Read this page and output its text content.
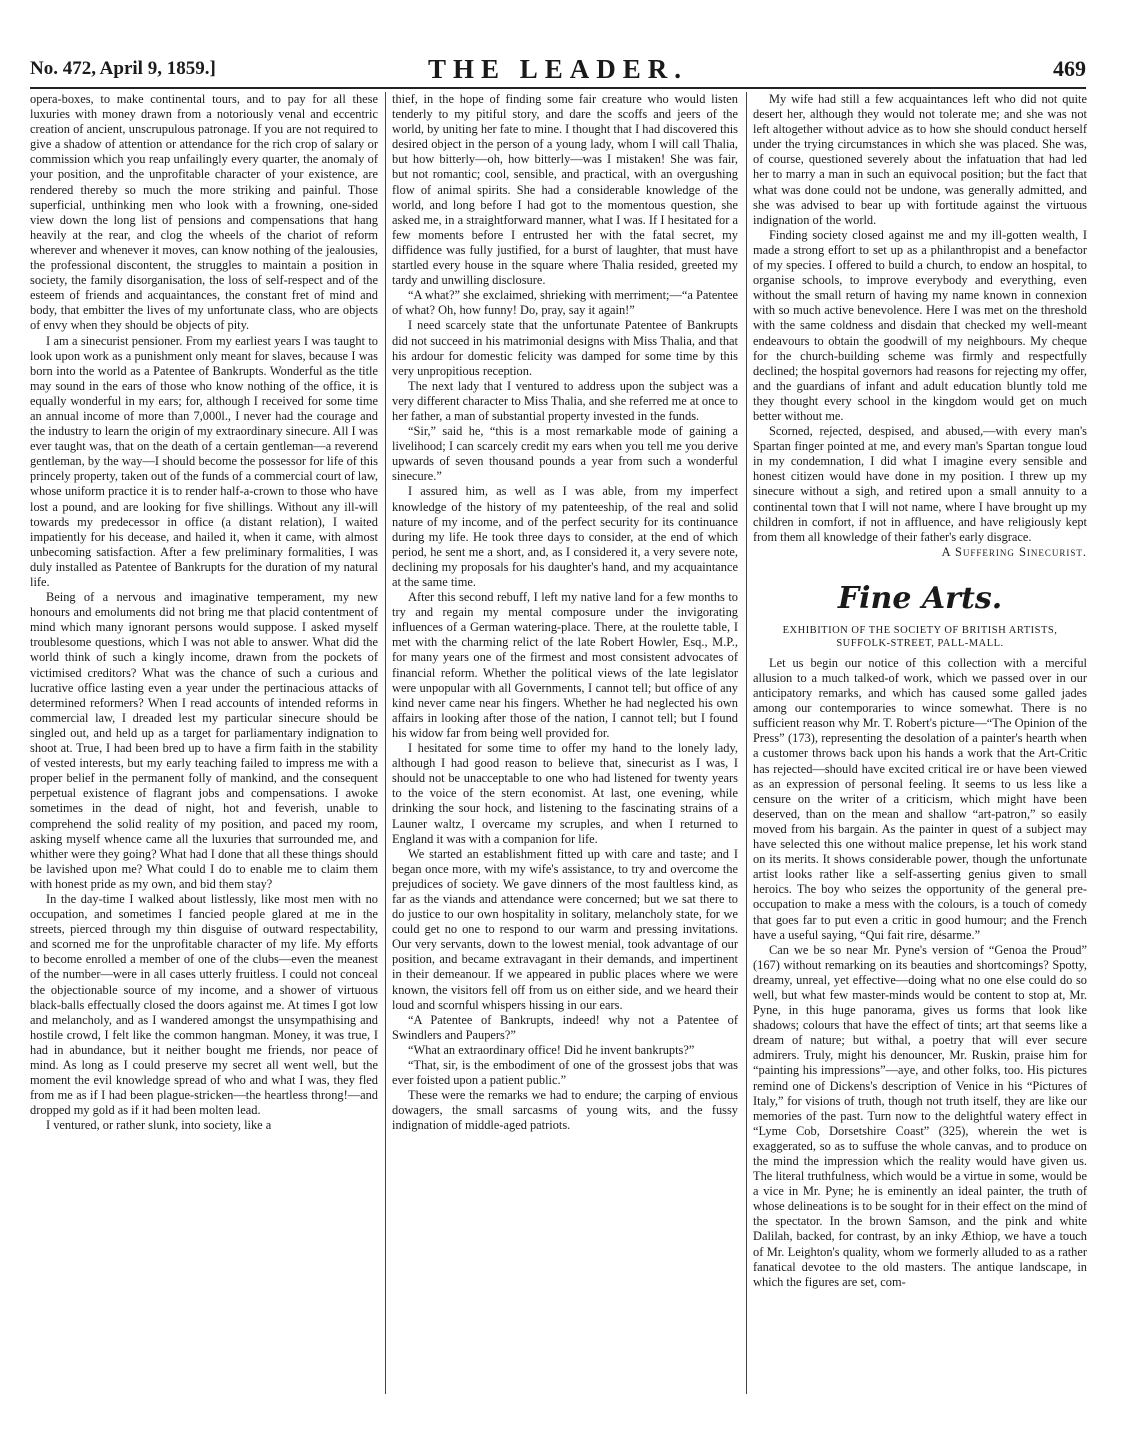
No. 472, April 9, 1859.]	THE LEADER.	469

opera-boxes, to make continental tours, and to pay for all these luxuries with money drawn from a notoriously venal and eccentric creation of ancient, unscrupulous patronage. If you are not required to give a shadow of attention or attendance for the rich crop of salary or commission which you reap unfailingly every quarter, the anomaly of your position, and the unprofitable character of your existence, are rendered thereby so much the more striking and painful. Those superficial, unthinking men who look with a frowning, one-sided view down the long list of pensions and compensations that hang heavily at the rear, and clog the wheels of the chariot of reform wherever and whenever it moves, can know nothing of the jealousies, the professional discontent, the struggles to maintain a position in society, the family disorganisation, the loss of self-respect and of the esteem of friends and acquaintances, the constant fret of mind and body, that embitter the lives of my unfortunate class, who are objects of envy when they should be objects of pity.

I am a sinecurist pensioner. From my earliest years I was taught to look upon work as a punishment only meant for slaves, because I was born into the world as a Patentee of Bankrupts. Wonderful as the title may sound in the ears of those who know nothing of the office, it is equally wonderful in my ears; for, although I received for some time an annual income of more than 7,000l., I never had the courage and the industry to learn the origin of my extraordinary sinecure. All I was ever taught was, that on the death of a certain gentleman—a reverend gentleman, by the way—I should become the possessor for life of this princely property, taken out of the funds of a commercial court of law, whose uniform practice it is to render half-a-crown to those who have lost a pound, and are looking for five shillings. Without any ill-will towards my predecessor in office (a distant relation), I waited impatiently for his decease, and hailed it, when it came, with almost unbecoming satisfaction. After a few preliminary formalities, I was duly installed as Patentee of Bankrupts for the duration of my natural life.

Being of a nervous and imaginative temperament, my new honours and emoluments did not bring me that placid contentment of mind which many ignorant persons would suppose. I asked myself troublesome questions, which I was not able to answer. What did the world think of such a kingly income, drawn from the pockets of victimised creditors? What was the chance of such a curious and lucrative office lasting even a year under the pertinacious attacks of determined reformers? When I read accounts of intended reforms in commercial law, I dreaded lest my particular sinecure should be singled out, and held up as a target for parliamentary indignation to shoot at. True, I had been bred up to have a firm faith in the stability of vested interests, but my early teaching failed to impress me with a proper belief in the permanent folly of mankind, and the consequent perpetual existence of flagrant jobs and compensations. I awoke sometimes in the dead of night, hot and feverish, unable to comprehend the solid reality of my position, and paced my room, asking myself whence came all the luxuries that surrounded me, and whither were they going? What had I done that all these things should be lavished upon me? What could I do to enable me to claim them with honest pride as my own, and bid them stay?

In the day-time I walked about listlessly, like most men with no occupation, and sometimes I fancied people glared at me in the streets, pierced through my thin disguise of outward respectability, and scorned me for the unprofitable character of my life. My efforts to become enrolled a member of one of the clubs—even the meanest of the number—were in all cases utterly fruitless. I could not conceal the objectionable source of my income, and a shower of virtuous black-balls effectually closed the doors against me. At times I got low and melancholy, and as I wandered amongst the unsympathising and hostile crowd, I felt like the common hangman. Money, it was true, I had in abundance, but it neither bought me friends, nor peace of mind. As long as I could preserve my secret all went well, but the moment the evil knowledge spread of who and what I was, they fled from me as if I had been plague-stricken—the heartless throng!—and dropped my gold as if it had been molten lead.

I ventured, or rather slunk, into society, like a

thief, in the hope of finding some fair creature who would listen tenderly to my pitiful story, and dare the scoffs and jeers of the world, by uniting her fate to mine. I thought that I had discovered this desired object in the person of a young lady, whom I will call Thalia, but how bitterly—oh, how bitterly—was I mistaken! She was fair, but not romantic; cool, sensible, and practical, with an overgushing flow of animal spirits. She had a considerable knowledge of the world, and long before I had got to the momentous question, she asked me, in a straightforward manner, what I was. If I hesitated for a few moments before I entrusted her with the fatal secret, my diffidence was fully justified, for a burst of laughter, that must have startled every house in the square where Thalia resided, greeted my tardy and unwilling disclosure.

“A what?” she exclaimed, shrieking with merriment;—“a Patentee of what? Oh, how funny! Do, pray, say it again!”

I need scarcely state that the unfortunate Patentee of Bankrupts did not succeed in his matrimonial designs with Miss Thalia, and that his ardour for domestic felicity was damped for some time by this very unpropitious reception.

The next lady that I ventured to address upon the subject was a very different character to Miss Thalia, and she referred me at once to her father, a man of substantial property invested in the funds.

“Sir,” said he, “this is a most remarkable mode of gaining a livelihood; I can scarcely credit my ears when you tell me you derive upwards of seven thousand pounds a year from such a wonderful sinecure.”

I assured him, as well as I was able, from my imperfect knowledge of the history of my patenteeship, of the real and solid nature of my income, and of the perfect security for its continuance during my life. He took three days to consider, at the end of which period, he sent me a short, and, as I considered it, a very severe note, declining my proposals for his daughter's hand, and my acquaintance at the same time.

After this second rebuff, I left my native land for a few months to try and regain my mental composure under the invigorating influences of a German watering-place. There, at the roulette table, I met with the charming relict of the late Robert Howler, Esq., M.P., for many years one of the firmest and most consistent advocates of financial reform. Whether the political views of the late legislator were unpopular with all Governments, I cannot tell; but office of any kind never came near his fingers. Whether he had neglected his own affairs in looking after those of the nation, I cannot tell; but I found his widow far from being well provided for.

I hesitated for some time to offer my hand to the lonely lady, although I had good reason to believe that, sinecurist as I was, I should not be unacceptable to one who had listened for twenty years to the voice of the stern economist. At last, one evening, while drinking the sour hock, and listening to the fascinating strains of a Launer waltz, I overcame my scruples, and when I returned to England it was with a companion for life.

We started an establishment fitted up with care and taste; and I began once more, with my wife's assistance, to try and overcome the prejudices of society. We gave dinners of the most faultless kind, as far as the viands and attendance were concerned; but we sat there to do justice to our own hospitality in solitary, melancholy state, for we could get no one to respond to our warm and pressing invitations. Our very servants, down to the lowest menial, took advantage of our position, and became extravagant in their demands, and impertinent in their demeanour. If we appeared in public places where we were known, the visitors fell off from us on either side, and we heard their loud and scornful whispers hissing in our ears.

“A Patentee of Bankrupts, indeed! why not a Patentee of Swindlers and Paupers?”

“What an extraordinary office! Did he invent bankrupts?”

“That, sir, is the embodiment of one of the grossest jobs that was ever foisted upon a patient public.”

These were the remarks we had to endure; the carping of envious dowagers, the small sarcasms of young wits, and the fussy indignation of middle-aged patriots.

My wife had still a few acquaintances left who did not quite desert her, although they would not tolerate me; and she was not left altogether without advice as to how she should conduct herself under the trying circumstances in which she was placed. She was, of course, questioned severely about the infatuation that had led her to marry a man in such an equivocal position; but the fact that what was done could not be undone, was generally admitted, and she was advised to bear up with fortitude against the virtuous indignation of the world.

Finding society closed against me and my ill-gotten wealth, I made a strong effort to set up as a philanthropist and a benefactor of my species. I offered to build a church, to endow an hospital, to organise schools, to improve everybody and everything, even without the small return of having my name known in connexion with so much active benevolence. Here I was met on the threshold with the same coldness and disdain that checked my well-meant endeavours to obtain the goodwill of my neighbours. My cheque for the church-building scheme was firmly and respectfully declined; the hospital governors had reasons for rejecting my offer, and the guardians of infant and adult education bluntly told me they thought every school in the kingdom would get on much better without me.

Scorned, rejected, despised, and abused,—with every man's Spartan finger pointed at me, and every man's Spartan tongue loud in my condemnation, I did what I imagine every sensible and honest citizen would have done in my position. I threw up my sinecure without a sigh, and retired upon a small annuity to a continental town that I will not name, where I have brought up my children in comfort, if not in affluence, and have religiously kept from them all knowledge of their father's early disgrace.

A Suffering Sinecurist.

Fine Arts.
EXHIBITION OF THE SOCIETY OF BRITISH ARTISTS,
SUFFOLK-STREET, PALL-MALL.

Let us begin our notice of this collection with a merciful allusion to a much talked-of work, which we passed over in our anticipatory remarks, and which has caused some galled jades among our contemporaries to wince somewhat. There is no sufficient reason why Mr. T. Robert's picture—“The Opinion of the Press” (173), representing the desolation of a painter's hearth when a customer throws back upon his hands a work that the Art-Critic has rejected—should have excited critical ire or have been viewed as an expression of personal feeling. It seems to us less like a censure on the writer of a criticism, which might have been deserved, than on the mean and shallow “art-patron,” so easily moved from his bargain. As the painter in quest of a subject may have selected this one without malice prepense, let his work stand on its merits. It shows considerable power, though the unfortunate artist looks rather like a self-asserting genius given to small heroics. The boy who seizes the opportunity of the general pre-occupation to make a mess with the colours, is a touch of comedy that goes far to put even a critic in good humour; and the French have a useful saying, “Qui fait rire, désarme.”

Can we be so near Mr. Pyne's version of “Genoa the Proud” (167) without remarking on its beauties and shortcomings? Spotty, dreamy, unreal, yet effective—doing what no one else could do so well, but what few master-minds would be content to stop at, Mr. Pyne, in this huge panorama, gives us forms that look like shadows; colours that have the effect of tints; art that seems like a dream of nature; but withal, a poetry that will ever secure admirers. Truly, might his denouncer, Mr. Ruskin, praise him for “painting his impressions”—aye, and other folks, too. His pictures remind one of Dickens's description of Venice in his “Pictures of Italy,” for visions of truth, though not truth itself, they are like our memories of the past. Turn now to the delightful watery effect in “Lyme Cob, Dorsetshire Coast” (325), wherein the wet is exaggerated, so as to suffuse the whole canvas, and to produce on the mind the impression which the reality would have given us. The literal truthfulness, which would be a virtue in some, would be a vice in Mr. Pyne; he is eminently an ideal painter, the truth of whose delineations is to be sought for in their effect on the mind of the spectator. In the brown Samson, and the pink and white Dalilah, backed, for contrast, by an inky Æthiop, we have a touch of Mr. Leighton's quality, whom we formerly alluded to as a rather fanatical devotee to the old masters. The antique landscape, in which the figures are set, com-
